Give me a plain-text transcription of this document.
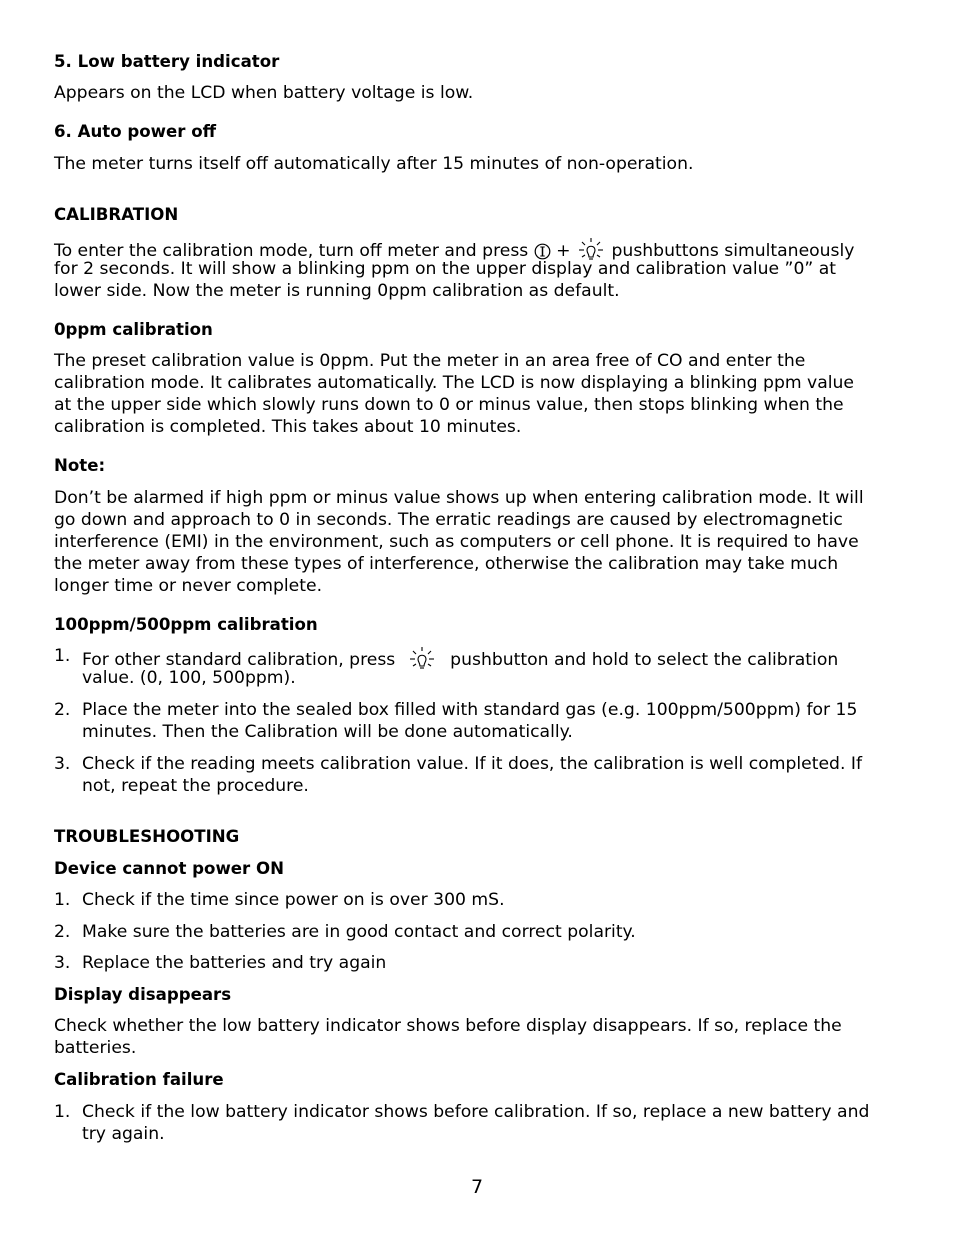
5. Low battery indicator
Appears on the LCD when battery voltage is low.
6. Auto power off
The meter turns itself off automatically after 15 minutes of non-operation.
CALIBRATION
To enter the calibration mode, turn off meter and press  +  pushbuttons simultaneously
for 2 seconds. It will show a blinking ppm on the upper display and calibration value ”0” at
lower side. Now the meter is running 0ppm calibration as default.
0ppm calibration
The preset calibration value is 0ppm. Put the meter in an area free of CO and enter the
calibration mode. It calibrates automatically. The LCD is now displaying a blinking ppm value
at the upper side which slowly runs down to 0 or minus value, then stops blinking when the
calibration is completed. This takes about 10 minutes.
Note:
Don’t be alarmed if high ppm or minus value shows up when entering calibration mode. It will
go down and approach to 0 in seconds. The erratic readings are caused by electromagnetic
interference (EMI) in the environment, such as computers or cell phone. It is required to have
the meter away from these types of interference, otherwise the calibration may take much
longer time or never complete.
100ppm/500ppm calibration
1. For other standard calibration, press	pushbutton and hold to select the calibration
value. (0, 100, 500ppm).
2. Place the meter into the sealed box filled with standard gas (e.g. 100ppm/500ppm) for 15
minutes. Then the Calibration will be done automatically.
3. Check if the reading meets calibration value. If it does, the calibration is well completed. If
not, repeat the procedure.
TROUBLESHOOTING
Device cannot power ON
1. Check if the time since power on is over 300 mS.
2. Make sure the batteries are in good contact and correct polarity.
3. Replace the batteries and try again
Display disappears
Check whether the low battery indicator shows before display disappears. If so, replace the
batteries.
Calibration failure
1. Check if the low battery indicator shows before calibration. If so, replace a new battery and
try again.
7
